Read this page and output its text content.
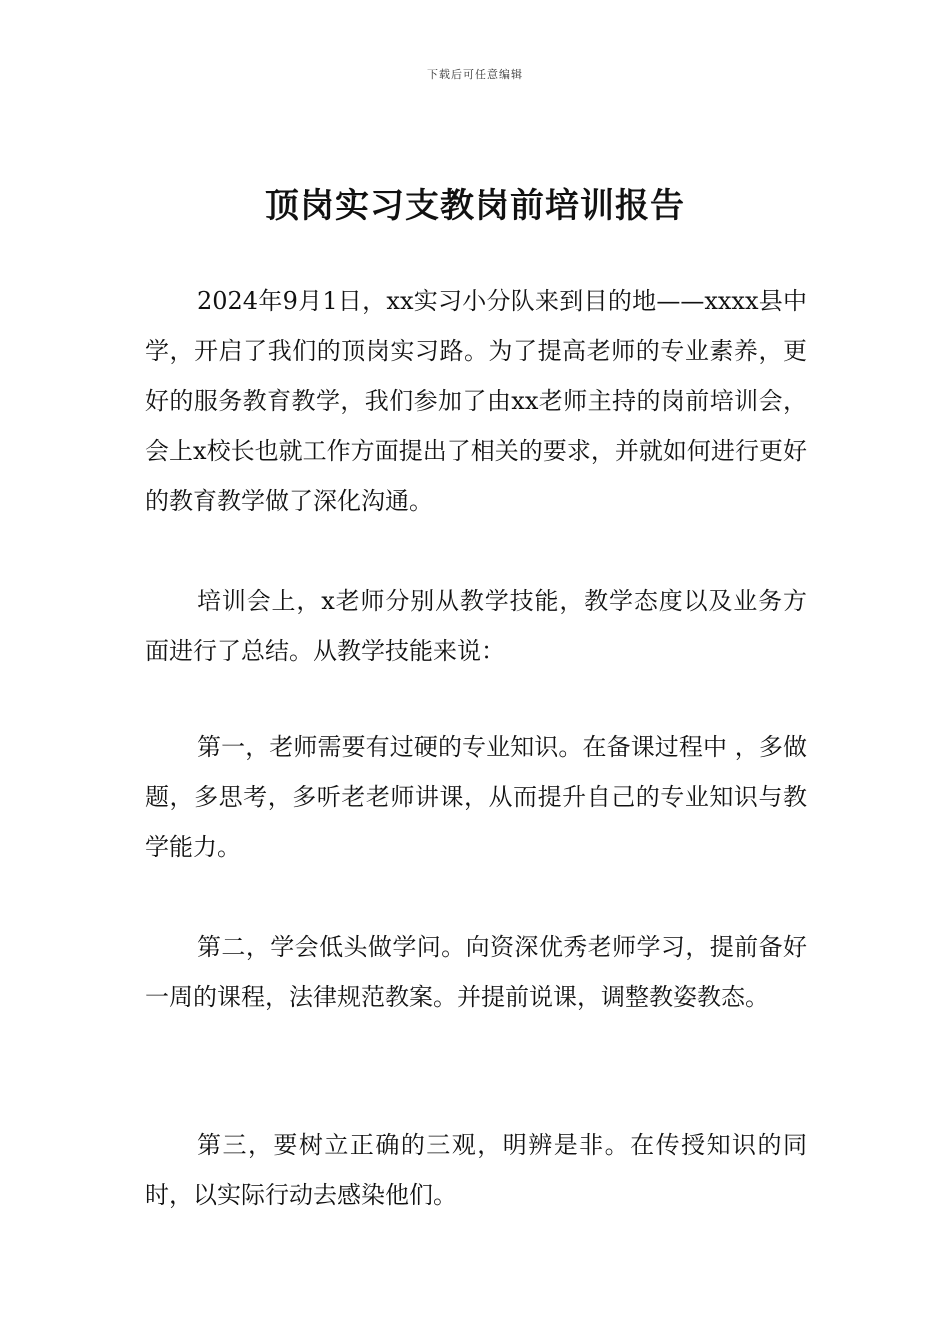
下载后可任意编辑
顶岗实习支教岗前培训报告

2024年9月1日，xx实习小分队来到目的地——xxxx县中学，开启了我们的顶岗实习路。为了提高老师的专业素养，更好的服务教育教学，我们参加了由xx老师主持的岗前培训会，会上x校长也就工作方面提出了相关的要求，并就如何进行更好的教育教学做了深化沟通。

培训会上，x老师分别从教学技能，教学态度以及业务方面进行了总结。从教学技能来说：

第一，老师需要有过硬的专业知识。在备课过程中 ，多做题，多思考，多听老老师讲课，从而提升自己的专业知识与教学能力。

第二，学会低头做学问。向资深优秀老师学习，提前备好一周的课程，法律规范教案。并提前说课，调整教姿教态。

第三，要树立正确的三观，明辨是非。在传授知识的同时，以实际行动去感染他们。
